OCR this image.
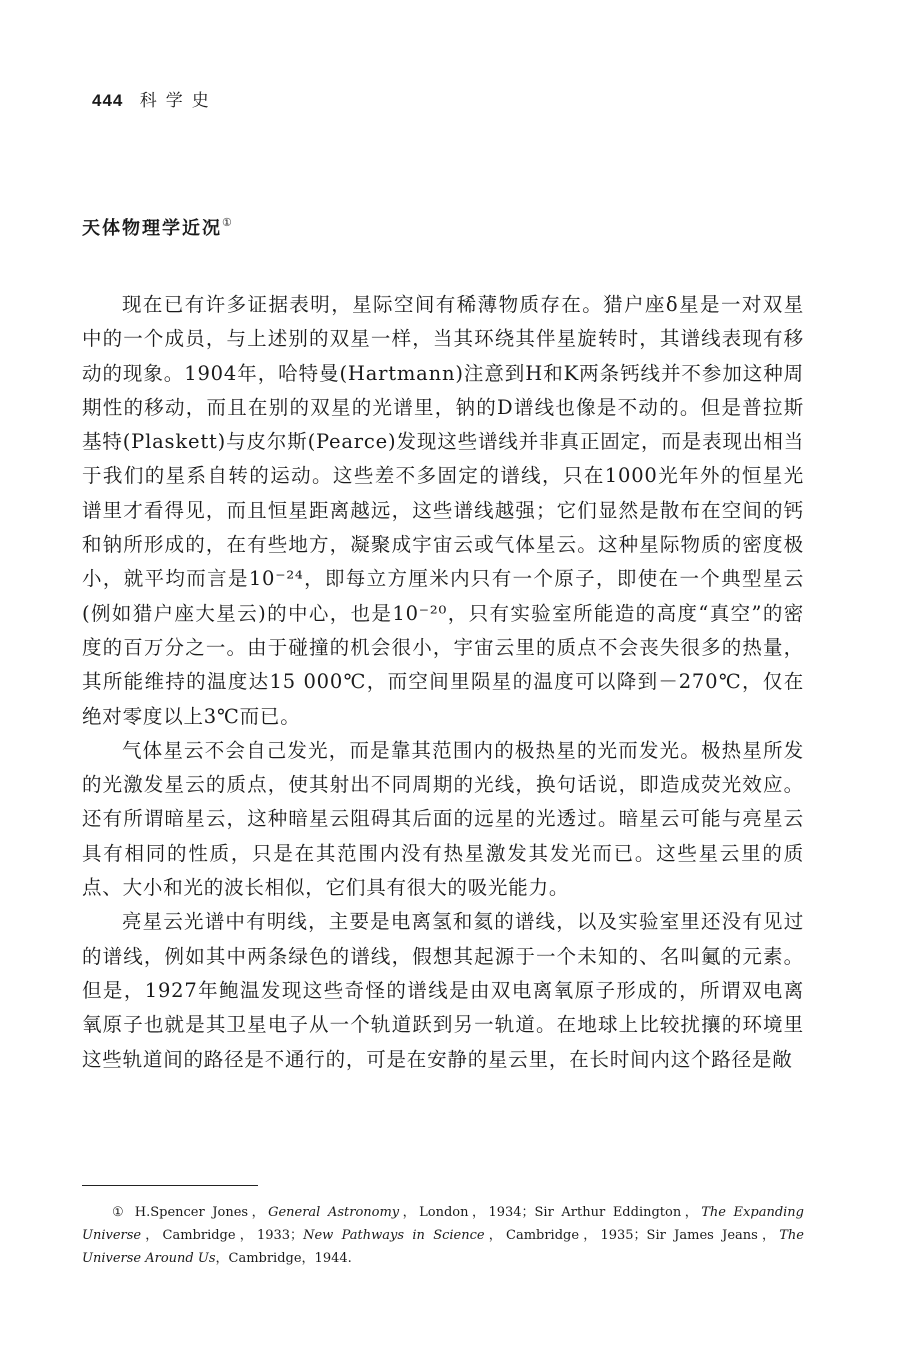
444 科学史
天体物理学近况①

现在已有许多证据表明，星际空间有稀薄物质存在。猎户座δ星是一对双星中的一个成员，与上述别的双星一样，当其环绕其伴星旋转时，其谱线表现有移动的现象。1904年，哈特曼(Hartmann)注意到H和K两条钙线并不参加这种周期性的移动，而且在别的双星的光谱里，钠的D谱线也像是不动的。但是普拉斯基特(Plaskett)与皮尔斯(Pearce)发现这些谱线并非真正固定，而是表现出相当于我们的星系自转的运动。这些差不多固定的谱线，只在1000光年外的恒星光谱里才看得见，而且恒星距离越远，这些谱线越强；它们显然是散布在空间的钙和钠所形成的，在有些地方，凝聚成宇宙云或气体星云。这种星际物质的密度极小，就平均而言是10⁻²⁴，即每立方厘米内只有一个原子，即使在一个典型星云(例如猎户座大星云)的中心，也是10⁻²⁰，只有实验室所能造的高度“真空”的密度的百万分之一。由于碰撞的机会很小，宇宙云里的质点不会丧失很多的热量，其所能维持的温度达15 000℃，而空间里陨星的温度可以降到－270℃，仅在绝对零度以上3℃而已。

气体星云不会自己发光，而是靠其范围内的极热星的光而发光。极热星所发的光激发星云的质点，使其射出不同周期的光线，换句话说，即造成荧光效应。还有所谓暗星云，这种暗星云阻碍其后面的远星的光透过。暗星云可能与亮星云具有相同的性质，只是在其范围内没有热星激发其发光而已。这些星云里的质点、大小和光的波长相似，它们具有很大的吸光能力。

亮星云光谱中有明线，主要是电离氢和氦的谱线，以及实验室里还没有见过的谱线，例如其中两条绿色的谱线，假想其起源于一个未知的、名叫鿫的元素。但是，1927年鲍温发现这些奇怪的谱线是由双电离氧原子形成的，所谓双电离氧原子也就是其卫星电子从一个轨道跃到另一轨道。在地球上比较扰攘的环境里这些轨道间的路径是不通行的，可是在安静的星云里，在长时间内这个路径是敞

① H.Spencer Jones，General Astronomy，London，1934；Sir Arthur Eddington，The Expanding Universe，Cambridge，1933；New Pathways in Science，Cambridge，1935；Sir James Jeans，The Universe Around Us，Cambridge，1944.
